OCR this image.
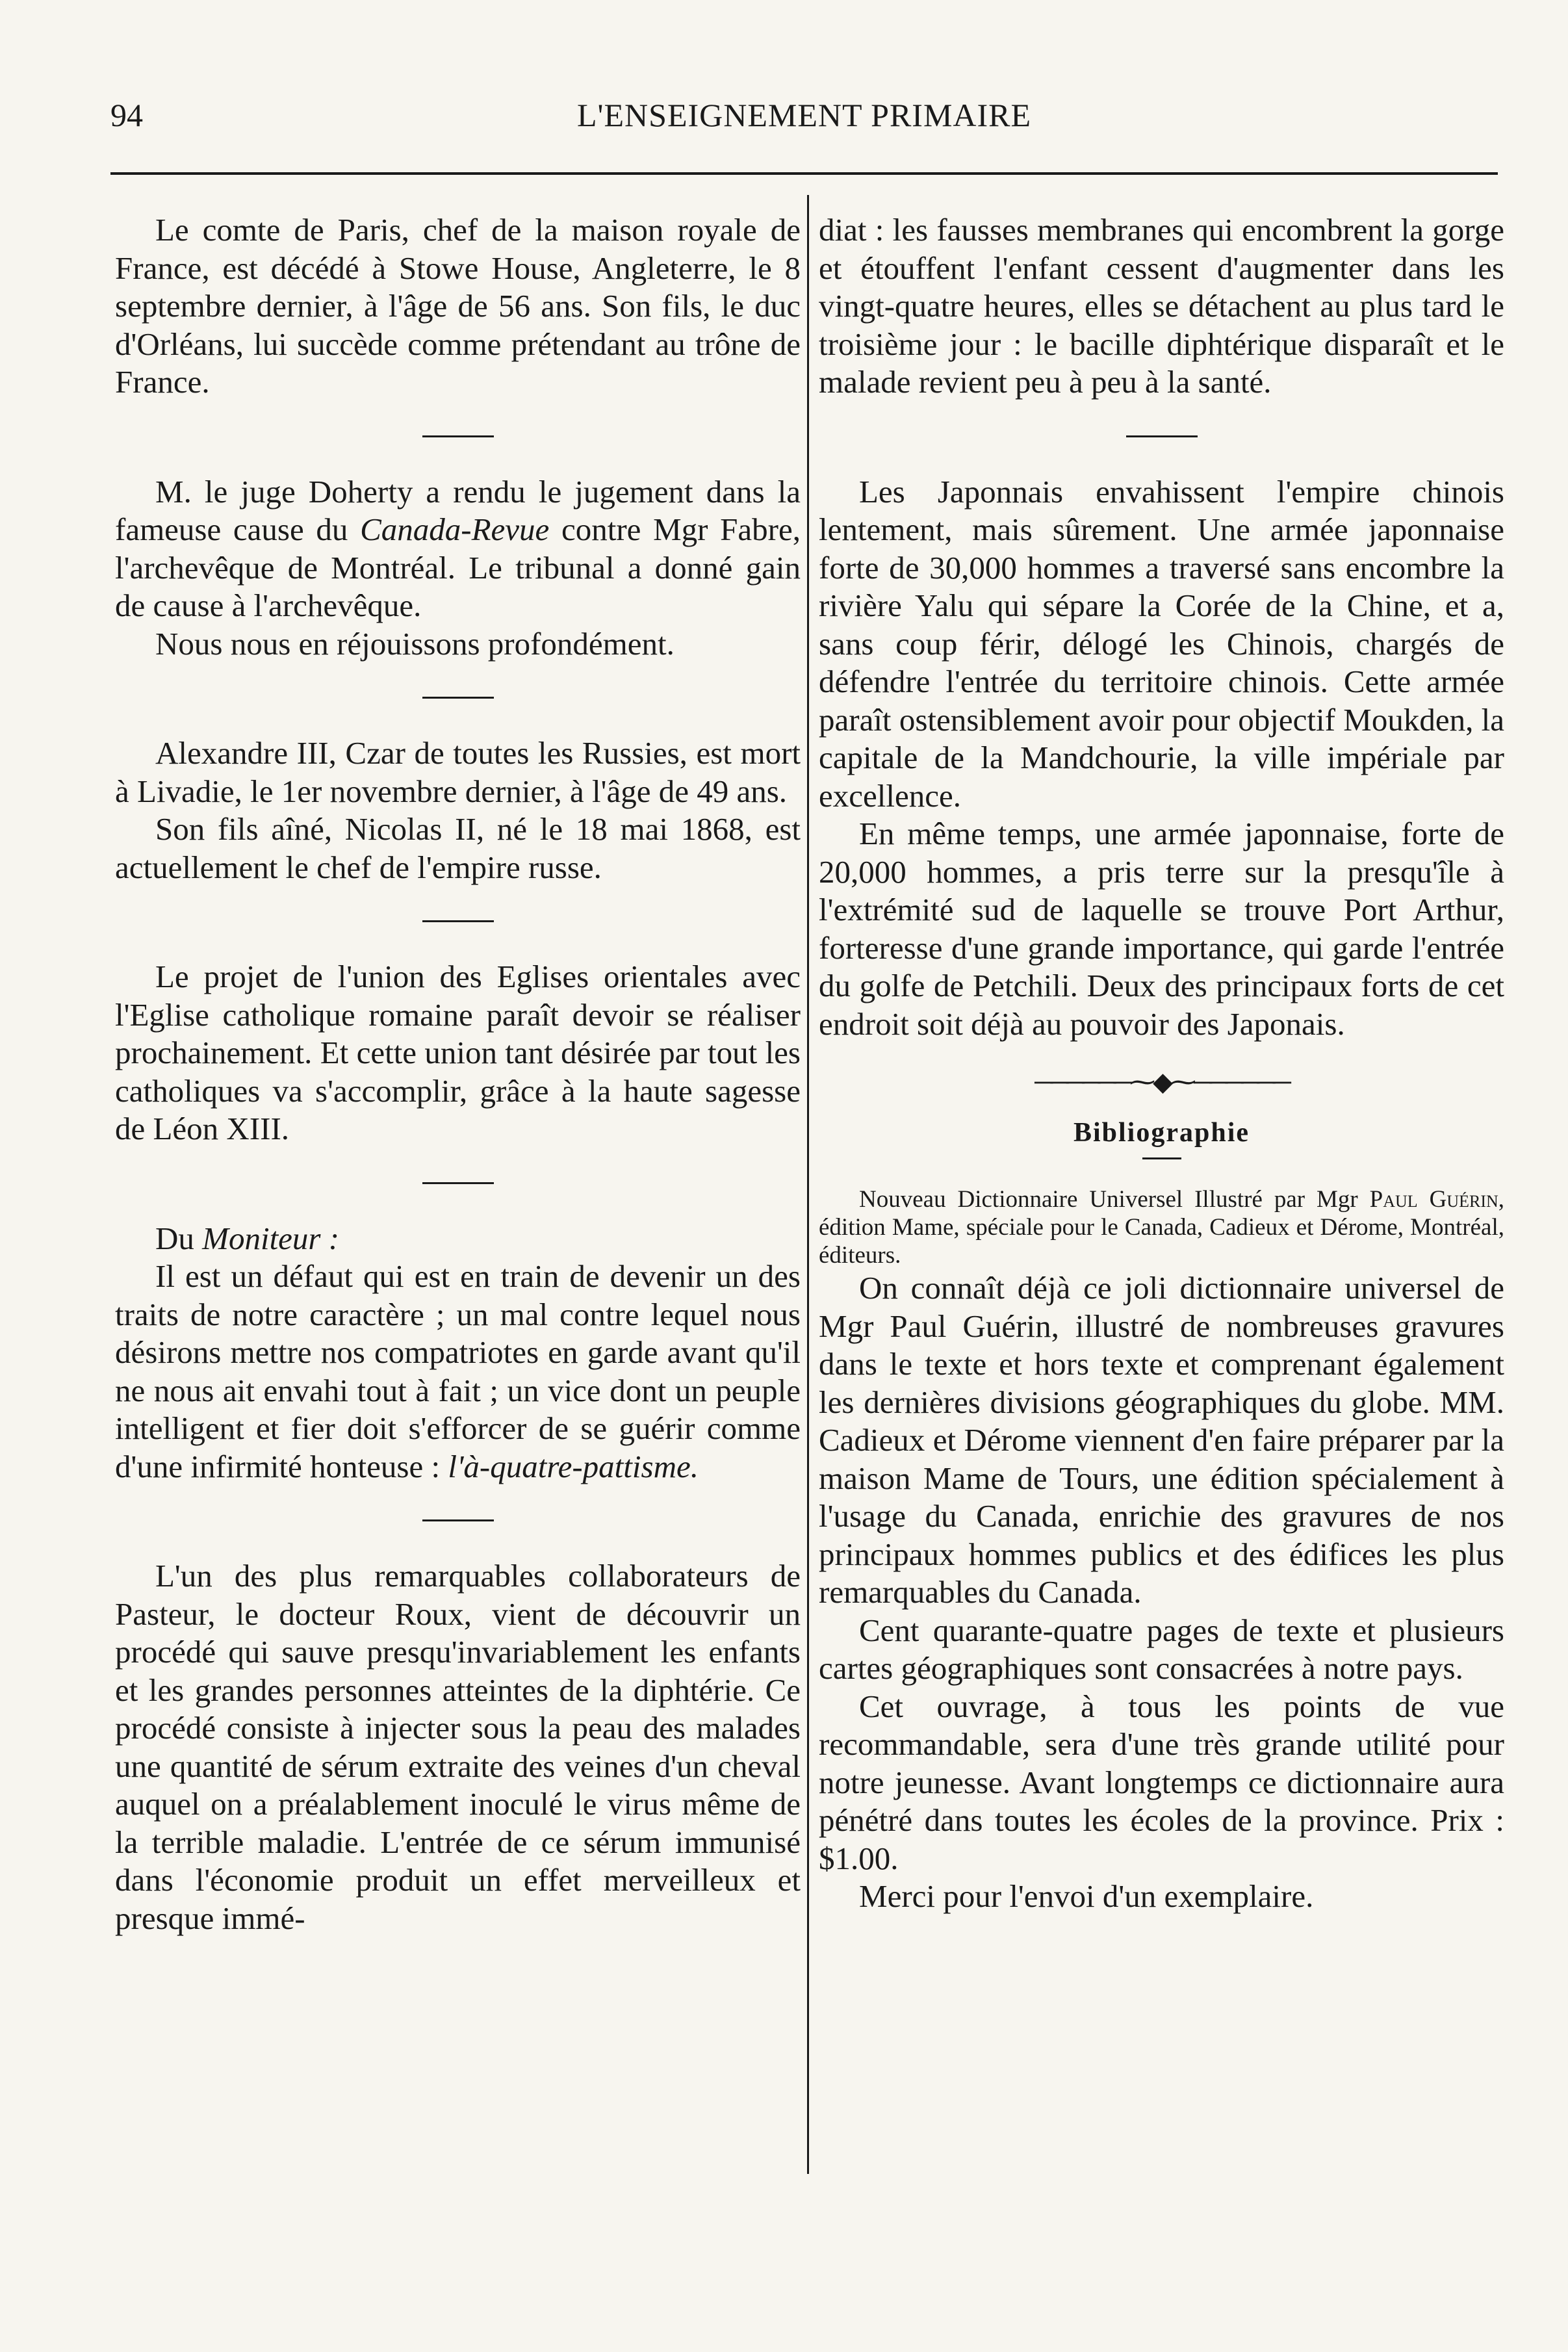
94	L'ENSEIGNEMENT PRIMAIRE

Le comte de Paris, chef de la maison royale de France, est décédé à Stowe House, Angleterre, le 8 septembre dernier, à l'âge de 56 ans. Son fils, le duc d'Orléans, lui succède comme prétendant au trône de France.

M. le juge Doherty a rendu le jugement dans la fameuse cause du Canada-Revue contre Mgr Fabre, l'archevêque de Montréal. Le tribunal a donné gain de cause à l'archevêque.

Nous nous en réjouissons profondément.

Alexandre III, Czar de toutes les Russies, est mort à Livadie, le 1er novembre dernier, à l'âge de 49 ans.

Son fils aîné, Nicolas II, né le 18 mai 1868, est actuellement le chef de l'empire russe.

Le projet de l'union des Eglises orientales avec l'Eglise catholique romaine paraît devoir se réaliser prochainement. Et cette union tant désirée par tout les catholiques va s'accomplir, grâce à la haute sagesse de Léon XIII.

Du Moniteur :

Il est un défaut qui est en train de devenir un des traits de notre caractère ; un mal contre lequel nous désirons mettre nos compatriotes en garde avant qu'il ne nous ait envahi tout à fait ; un vice dont un peuple intelligent et fier doit s'efforcer de se guérir comme d'une infirmité honteuse : l'à-quatre-pattisme.

L'un des plus remarquables collaborateurs de Pasteur, le docteur Roux, vient de découvrir un procédé qui sauve presqu'invariablement les enfants et les grandes personnes atteintes de la diphtérie. Ce procédé consiste à injecter sous la peau des malades une quantité de sérum extraite des veines d'un cheval auquel on a préalablement inoculé le virus même de la terrible maladie. L'entrée de ce sérum immunisé dans l'économie produit un effet merveilleux et presque immé-

diat : les fausses membranes qui encombrent la gorge et étouffent l'enfant cessent d'augmenter dans les vingt-quatre heures, elles se détachent au plus tard le troisième jour : le bacille diphtérique disparaît et le malade revient peu à peu à la santé.

Les Japonnais envahissent l'empire chinois lentement, mais sûrement. Une armée japonnaise forte de 30,000 hommes a traversé sans encombre la rivière Yalu qui sépare la Corée de la Chine, et a, sans coup férir, délogé les Chinois, chargés de défendre l'entrée du territoire chinois. Cette armée paraît ostensiblement avoir pour objectif Moukden, la capitale de la Mandchourie, la ville impériale par excellence.

En même temps, une armée japonnaise, forte de 20,000 hommes, a pris terre sur la presqu'île à l'extrémité sud de laquelle se trouve Port Arthur, forteresse d'une grande importance, qui garde l'entrée du golfe de Petchili. Deux des principaux forts de cet endroit soit déjà au pouvoir des Japonais.

──────⁓◆⁓──────
Bibliographie

Nouveau Dictionnaire Universel Illustré par Mgr Paul Guérin, édition Mame, spéciale pour le Canada, Cadieux et Dérome, Montréal, éditeurs.

On connaît déjà ce joli dictionnaire universel de Mgr Paul Guérin, illustré de nombreuses gravures dans le texte et hors texte et comprenant également les dernières divisions géographiques du globe. MM. Cadieux et Dérome viennent d'en faire préparer par la maison Mame de Tours, une édition spécialement à l'usage du Canada, enrichie des gravures de nos principaux hommes publics et des édifices les plus remarquables du Canada.

Cent quarante-quatre pages de texte et plusieurs cartes géographiques sont consacrées à notre pays.

Cet ouvrage, à tous les points de vue recommandable, sera d'une très grande utilité pour notre jeunesse. Avant longtemps ce dictionnaire aura pénétré dans toutes les écoles de la province. Prix : $1.00.

Merci pour l'envoi d'un exemplaire.
